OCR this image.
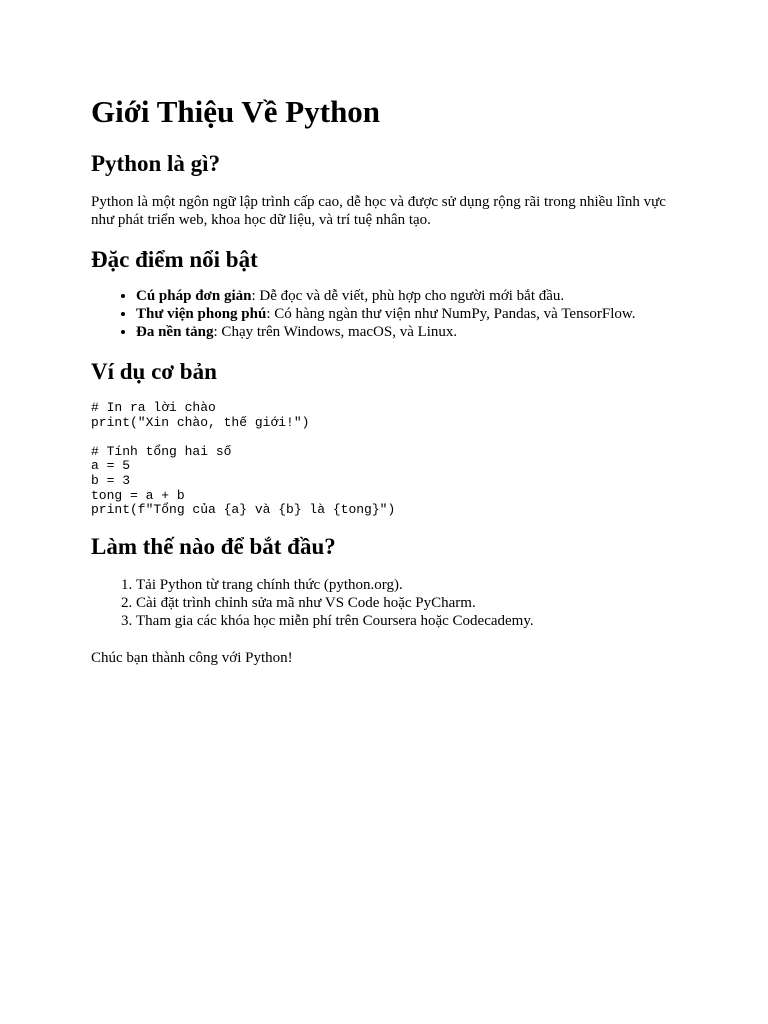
Giới Thiệu Về Python
Python là gì?

Python là một ngôn ngữ lập trình cấp cao, dễ học và được sử dụng rộng rãi trong nhiều lĩnh vực như phát triển web, khoa học dữ liệu, và trí tuệ nhân tạo.

Đặc điểm nổi bật
• Cú pháp đơn giản: Dễ đọc và dễ viết, phù hợp cho người mới bắt đầu.
• Thư viện phong phú: Có hàng ngàn thư viện như NumPy, Pandas, và TensorFlow.
• Đa nền tảng: Chạy trên Windows, macOS, và Linux.
Ví dụ cơ bản
# In ra lời chào
print("Xin chào, thế giới!")
# Tính tổng hai số
a = 5
b = 3
tong = a + b
print(f"Tổng của {a} và {b} là {tong}")
Làm thế nào để bắt đầu?
1. Tải Python từ trang chính thức (python.org).
2. Cài đặt trình chỉnh sửa mã như VS Code hoặc PyCharm.
3. Tham gia các khóa học miễn phí trên Coursera hoặc Codecademy.

Chúc bạn thành công với Python!
